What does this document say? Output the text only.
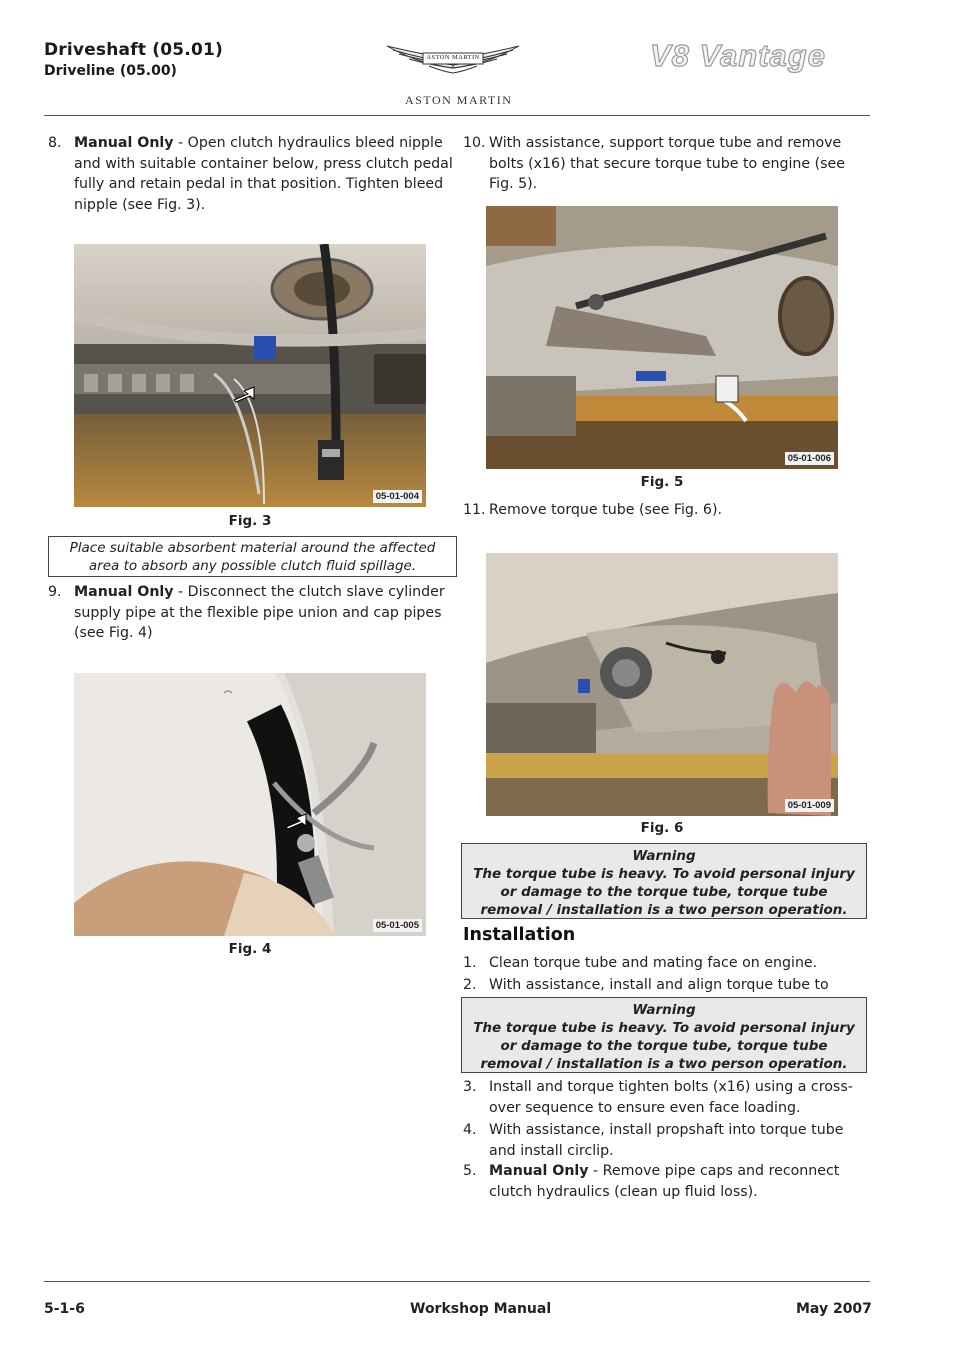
Driveshaft (05.01)
Driveline (05.00)
ASTON MARTIN
ASTON MARTIN
V8 Vantage
8. Manual Only - Open clutch hydraulics bleed nipple and with suitable container below, press clutch pedal fully and retain pedal in that position. Tighten bleed nipple (see Fig. 3).
05-01-004
Fig. 3
Place suitable absorbent material around the affected area to absorb any possible clutch fluid spillage.
9. Manual Only - Disconnect the clutch slave cylinder supply pipe at the flexible pipe union and cap pipes (see Fig. 4)
05-01-005
Fig. 4
10. With assistance, support torque tube and remove bolts (x16) that secure torque tube to engine (see Fig. 5).
05-01-006
Fig. 5
11. Remove torque tube (see Fig. 6).
05-01-009
Fig. 6
Warning
The torque tube is heavy. To avoid personal injury or damage to the torque tube, torque tube removal / installation is a two person operation.
Installation
1. Clean torque tube and mating face on engine.
2. With assistance, install and align torque tube to
Warning
The torque tube is heavy. To avoid personal injury or damage to the torque tube, torque tube removal / installation is a two person operation.
3. Install and torque tighten bolts (x16) using a cross-over sequence to ensure even face loading.
4. With assistance, install propshaft into torque tube and install circlip.
5. Manual Only - Remove pipe caps and reconnect clutch hydraulics (clean up fluid loss).
5-1-6	Workshop Manual	May 2007
